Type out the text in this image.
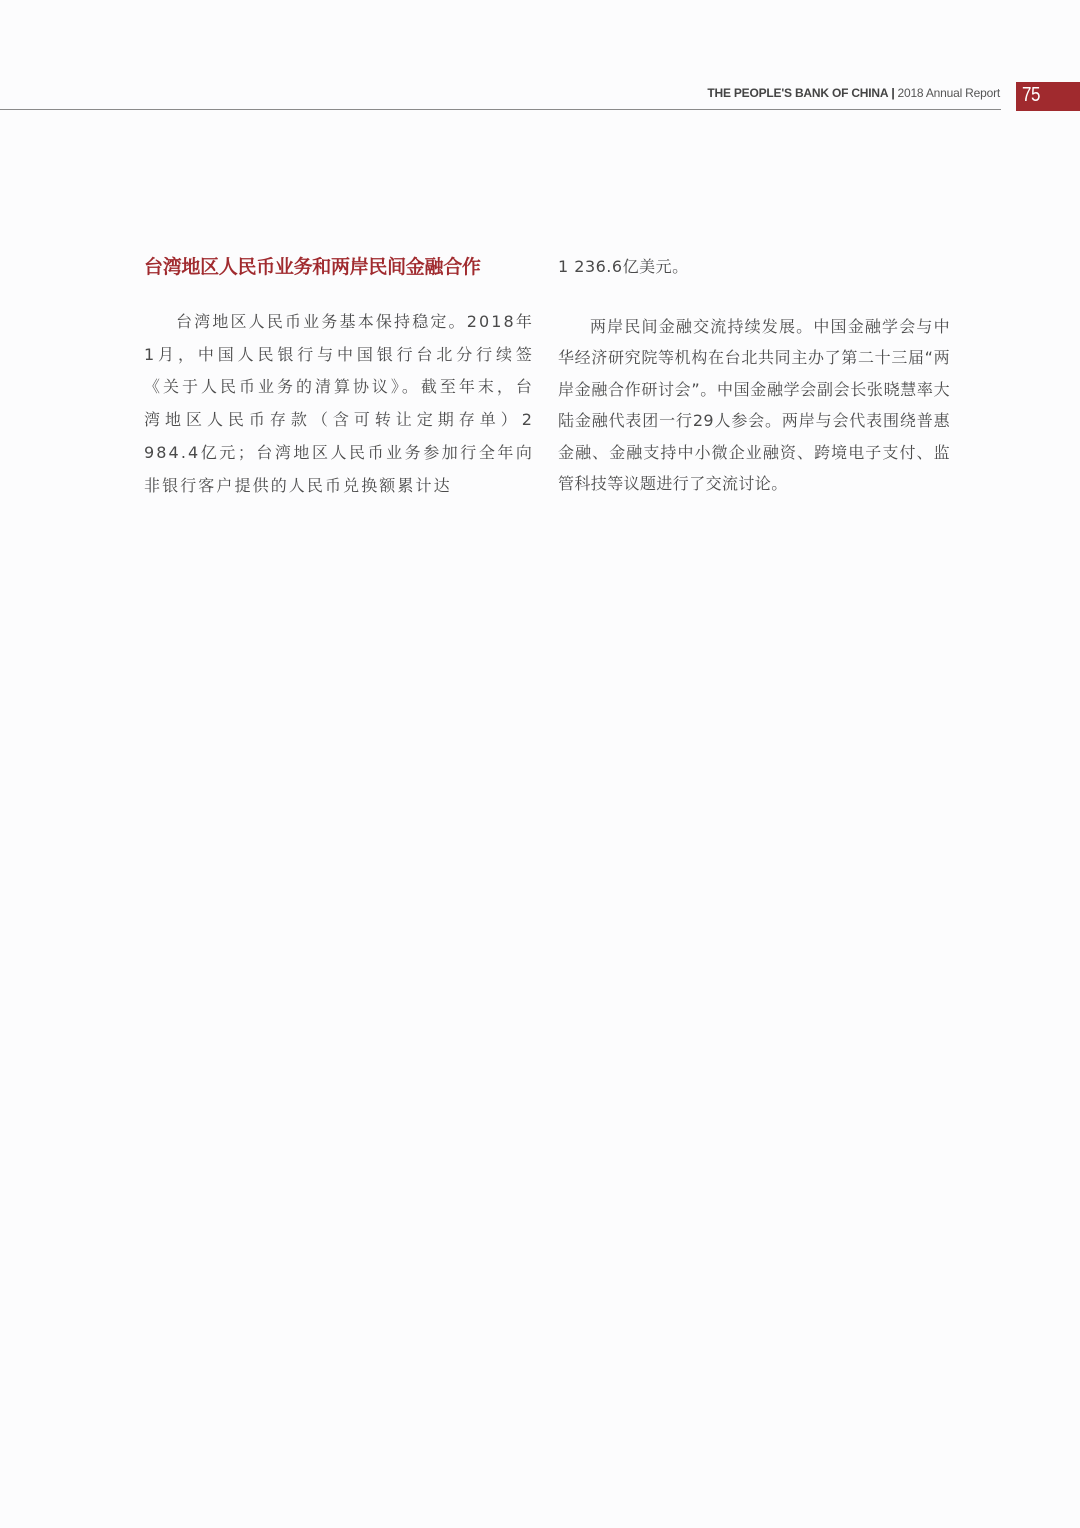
THE PEOPLE'S BANK OF CHINA | 2018 Annual Report 75
台湾地区人民币业务和两岸民间金融合作

台湾地区人民币业务基本保持稳定。2018年1月，中国人民银行与中国银行台北分行续签《关于人民币业务的清算协议》。截至年末，台湾地区人民币存款（含可转让定期存单）2 984.4亿元；台湾地区人民币业务参加行全年向非银行客户提供的人民币兑换额累计达

1 236.6亿美元。

两岸民间金融交流持续发展。中国金融学会与中华经济研究院等机构在台北共同主办了第二十三届“两岸金融合作研讨会”。中国金融学会副会长张晓慧率大陆金融代表团一行29人参会。两岸与会代表围绕普惠金融、金融支持中小微企业融资、跨境电子支付、监管科技等议题进行了交流讨论。
